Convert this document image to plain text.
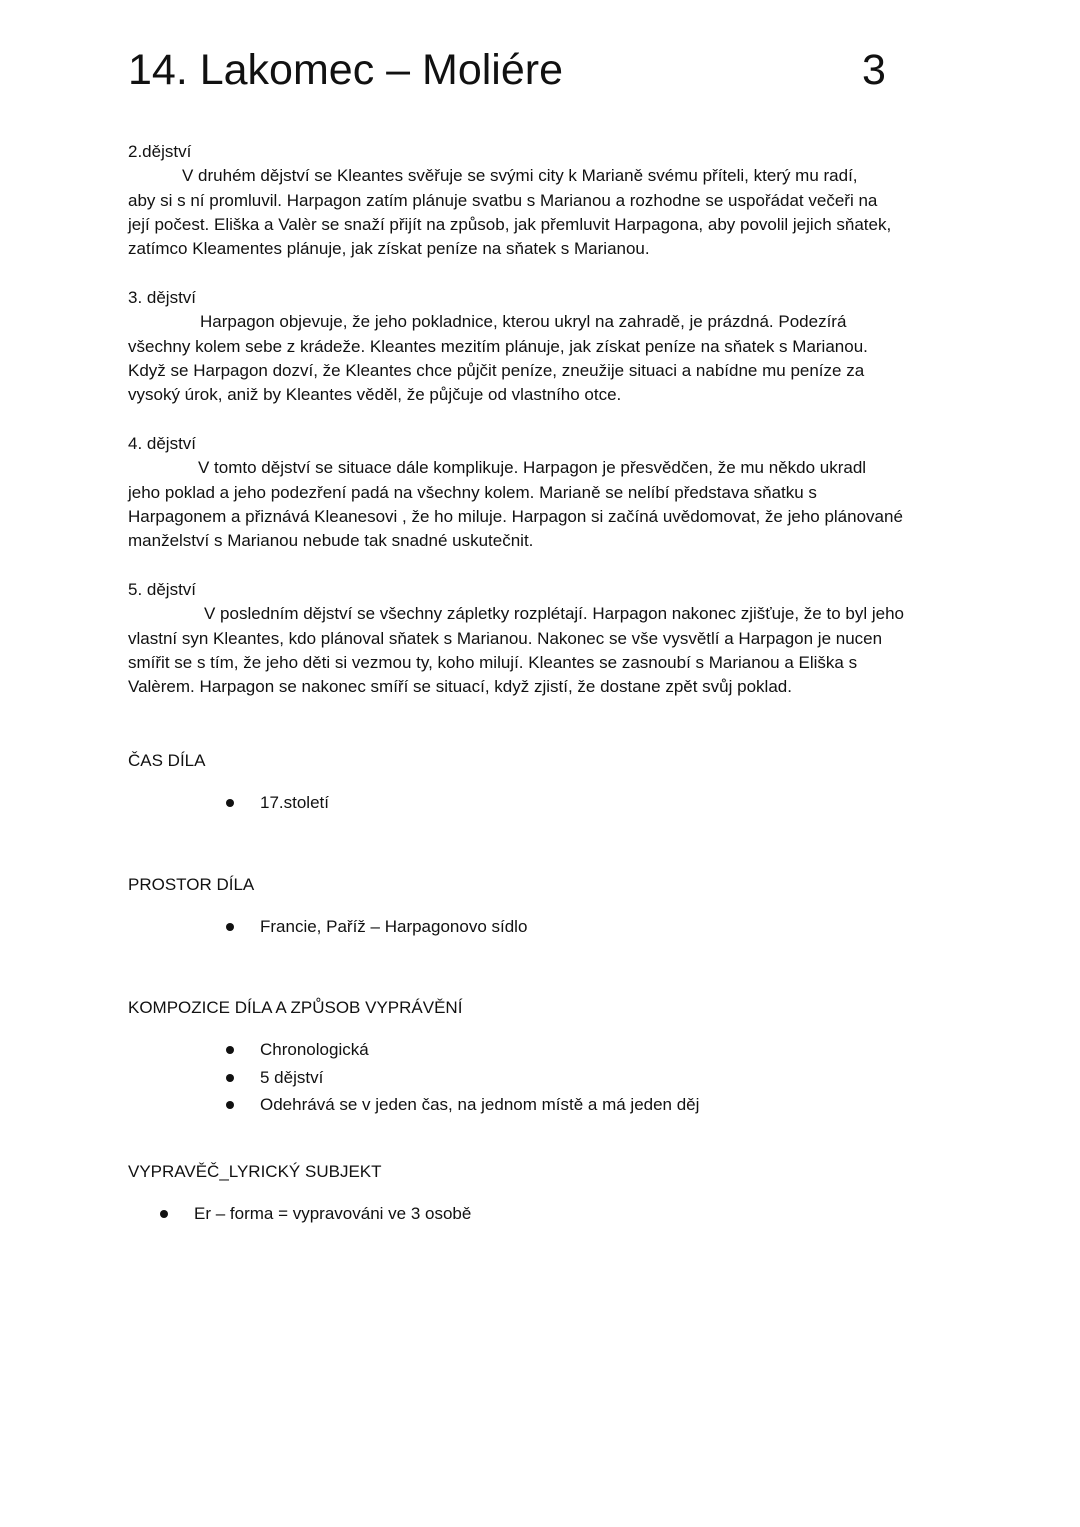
14. Lakomec – Moliére	3
2.dějství
V druhém dějství se Kleantes svěřuje se svými city k Marianě svému příteli, který mu radí,
aby si s ní promluvil. Harpagon zatím plánuje svatbu s Marianou a rozhodne se uspořádat večeři na
její počest. Eliška a Valèr se snaží přijít na způsob, jak přemluvit Harpagona, aby povolil jejich sňatek,
zatímco Kleamentes plánuje, jak získat peníze na sňatek s Marianou.
3. dějství
Harpagon objevuje, že jeho pokladnice, kterou ukryl na zahradě, je prázdná. Podezírá
všechny kolem sebe z krádeže. Kleantes mezitím plánuje, jak získat peníze na sňatek s Marianou.
Když se Harpagon dozví, že Kleantes chce půjčit peníze, zneužije situaci a nabídne mu peníze za
vysoký úrok, aniž by Kleantes věděl, že půjčuje od vlastního otce.
4. dějství
V tomto dějství se situace dále komplikuje. Harpagon je přesvědčen, že mu někdo ukradl
jeho poklad a jeho podezření padá na všechny kolem. Marianě se nelíbí představa sňatku s
Harpagonem a přiznává Kleanesovi , že ho miluje. Harpagon si začíná uvědomovat, že jeho plánované
manželství s Marianou nebude tak snadné uskutečnit.
5. dějství
V posledním dějství se všechny zápletky rozplétají. Harpagon nakonec zjišťuje, že to byl jeho
vlastní syn Kleantes, kdo plánoval sňatek s Marianou. Nakonec se vše vysvětlí a Harpagon je nucen
smířit se s tím, že jeho děti si vezmou ty, koho milují. Kleantes se zasnoubí s Marianou a Eliška s
Valèrem. Harpagon se nakonec smíří se situací, když zjistí, že dostane zpět svůj poklad.
ČAS DÍLA
17.století
PROSTOR DÍLA
Francie, Paříž – Harpagonovo sídlo
KOMPOZICE DÍLA A ZPŮSOB VYPRÁVĚNÍ
Chronologická
5 dějství
Odehrává se v jeden čas, na jednom místě a má jeden děj
VYPRAVĚČ_LYRICKÝ SUBJEKT
Er – forma = vypravováni ve 3 osobě
